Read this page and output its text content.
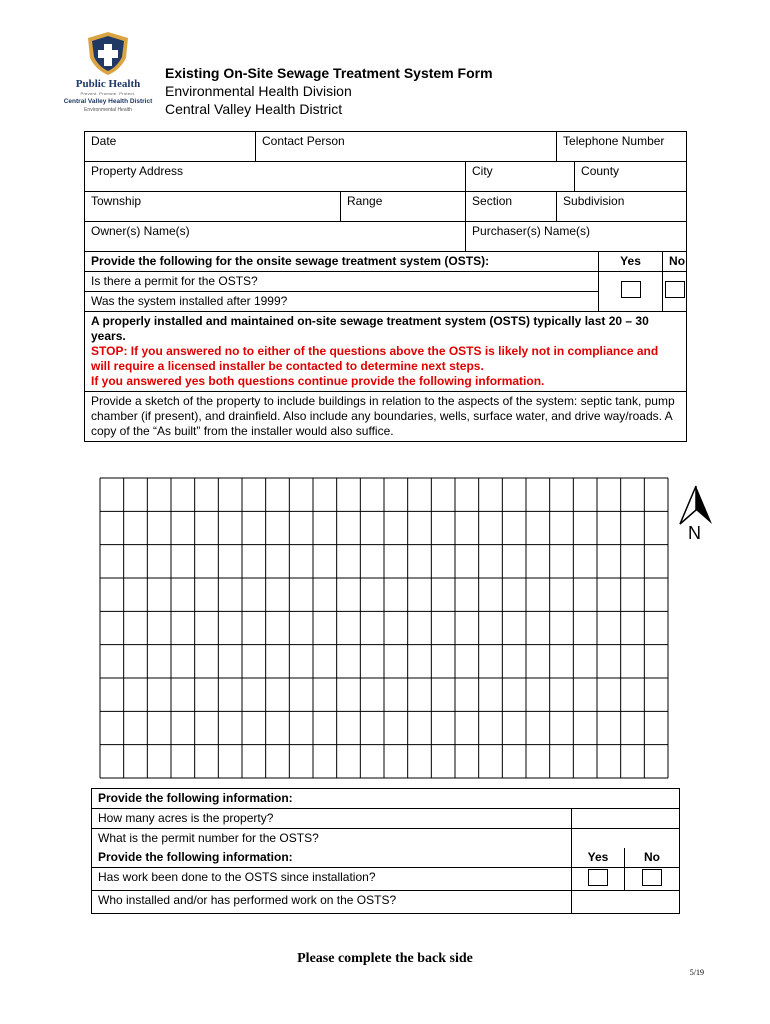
Public Health
Prevent. Promote. Protect.
Central Valley Health District
Environmental Health
Existing On-Site Sewage Treatment System Form
Environmental Health Division
Central Valley Health District
Date	Contact Person			Telephone Number			
Property Address			City		County		
Township		Range	Section	Subdivision			
Owner(s) Name(s)			Purchaser(s) Name(s)				
Provide the following for the onsite sewage treatment system (OSTS):						Yes	No
Is there a permit for the OSTS?							
Was the system installed after 1999?							

A properly installed and maintained on-site sewage treatment system (OSTS) typically last 20 – 30 years.
STOP: If you answered no to either of the questions above the OSTS is likely not in compliance and will require a licensed installer be contacted to determine next steps.
If you answered yes both questions continue provide the following information.							

Provide a sketch of the property to include buildings in relation to the aspects of the system: septic tank, pump chamber (if present), and drainfield. Also include any boundaries, wells, surface water, and drive way/roads. A copy of the “As built” from the installer would also suffice.							
N
Provide the following information:		
How many acres is the property?		
What is the permit number for the OSTS?		
Provide the following information:	Yes	No
Has work been done to the OSTS since installation?		
Who installed and/or has performed work on the OSTS?		
Please complete the back side
5/19
